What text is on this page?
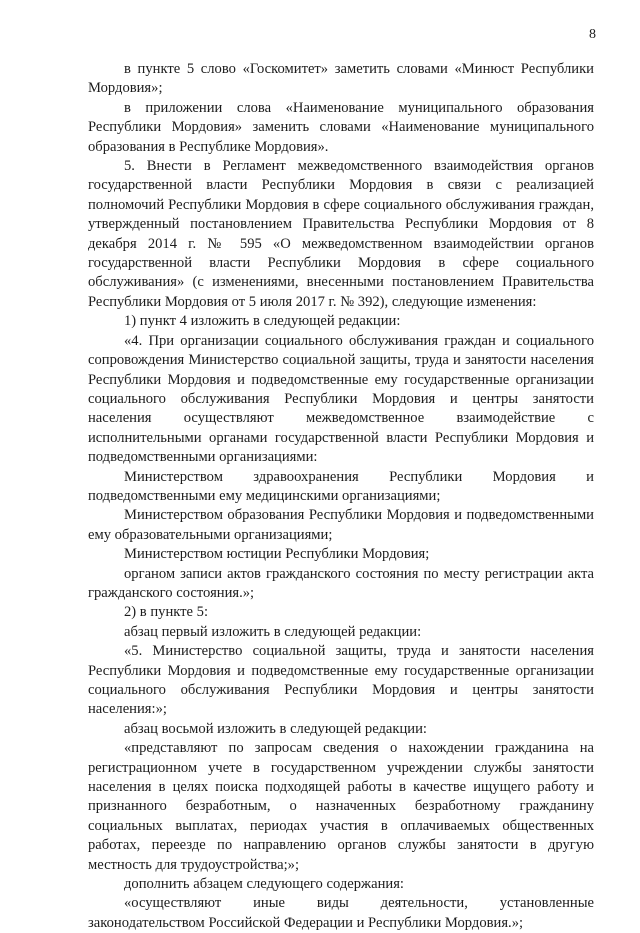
8

в пункте 5 слово «Госкомитет» заметить словами «Минюст Республики Мордовия»;

в приложении слова «Наименование муниципального образования Республики Мордовия» заменить словами «Наименование муниципального образования в Республике Мордовия».

5. Внести в Регламент межведомственного взаимодействия органов государственной власти Республики Мордовия в связи с реализацией полномочий Республики Мордовия в сфере социального обслуживания граждан, утвержденный постановлением Правительства Республики Мордовия от 8 декабря 2014 г. № 595 «О межведомственном взаимодействии органов государственной власти Республики Мордовия в сфере социального обслуживания» (с изменениями, внесенными постановлением Правительства Республики Мордовия от 5 июля 2017 г. № 392), следующие изменения:

1) пункт 4 изложить в следующей редакции:

«4. При организации социального обслуживания граждан и социального сопровождения Министерство социальной защиты, труда и занятости населения Республики Мордовия и подведомственные ему государственные организации социального обслуживания Республики Мордовия и центры занятости населения осуществляют межведомственное взаимодействие с исполнительными органами государственной власти Республики Мордовия и подведомственными организациями:

Министерством здравоохранения Республики Мордовия и подведомственными ему медицинскими организациями;

Министерством образования Республики Мордовия и подведомственными ему образовательными организациями;

Министерством юстиции Республики Мордовия;

органом записи актов гражданского состояния по месту регистрации акта гражданского состояния.»;

2) в пункте 5:

абзац первый изложить в следующей редакции:

«5. Министерство социальной защиты, труда и занятости населения Республики Мордовия и подведомственные ему государственные организации социального обслуживания Республики Мордовия и центры занятости населения:»;

абзац восьмой изложить в следующей редакции:

«представляют по запросам сведения о нахождении гражданина на регистрационном учете в государственном учреждении службы занятости населения в целях поиска подходящей работы в качестве ищущего работу и признанного безработным, о назначенных безработному гражданину социальных выплатах, периодах участия в оплачиваемых общественных работах, переезде по направлению органов службы занятости в другую местность для трудоустройства;»;

дополнить абзацем следующего содержания:

«осуществляют иные виды деятельности, установленные законодательством Российской Федерации и Республики Мордовия.»;
